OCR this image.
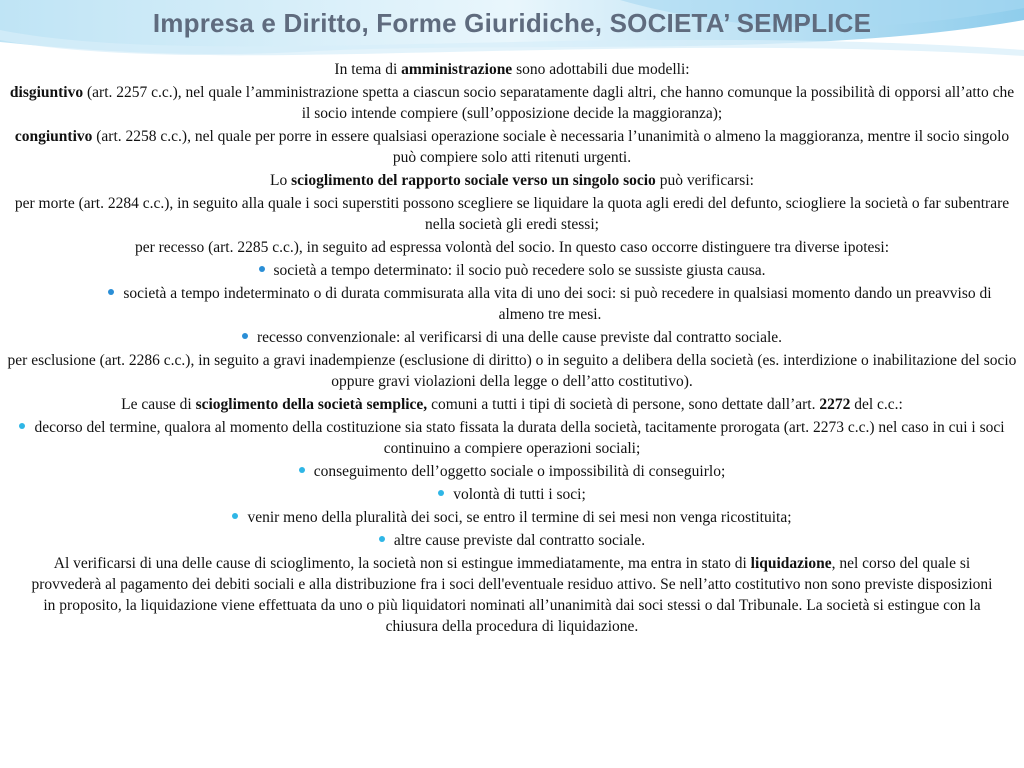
Impresa e Diritto, Forme Giuridiche, SOCIETA’ SEMPLICE

In tema di amministrazione sono adottabili due modelli:

disgiuntivo (art. 2257 c.c.), nel quale l’amministrazione spetta a ciascun socio separatamente dagli altri, che hanno comunque la possibilità di opporsi all’atto che il socio intende compiere (sull’opposizione decide la maggioranza);

congiuntivo (art. 2258 c.c.), nel quale per porre in essere qualsiasi operazione sociale è necessaria l’unanimità o almeno la maggioranza, mentre il socio singolo può compiere solo atti ritenuti urgenti.

Lo scioglimento del rapporto sociale verso un singolo socio può verificarsi:

per morte (art. 2284 c.c.), in seguito alla quale i soci superstiti possono scegliere se liquidare la quota agli eredi del defunto, sciogliere la società o far subentrare nella società gli eredi stessi;

per recesso (art. 2285 c.c.), in seguito ad espressa volontà del socio. In questo caso occorre distinguere tra diverse ipotesi:

società a tempo determinato: il socio può recedere solo se sussiste giusta causa.

società a tempo indeterminato o di durata commisurata alla vita di uno dei soci: si può recedere in qualsiasi momento dando un preavviso di almeno tre mesi.

recesso convenzionale: al verificarsi di una delle cause previste dal contratto sociale.

per esclusione (art. 2286 c.c.), in seguito a gravi inadempienze (esclusione di diritto) o in seguito a delibera della società (es. interdizione o inabilitazione del socio oppure gravi violazioni della legge o dell’atto costitutivo).

Le cause di scioglimento della società semplice, comuni a tutti i tipi di società di persone, sono dettate dall’art. 2272 del c.c.:

decorso del termine, qualora al momento della costituzione sia stato fissata la durata della società, tacitamente prorogata (art. 2273 c.c.) nel caso in cui i soci continuino a compiere operazioni sociali;

conseguimento dell’oggetto sociale o impossibilità di conseguirlo;

volontà di tutti i soci;

venir meno della pluralità dei soci, se entro il termine di sei mesi non venga ricostituita;

altre cause previste dal contratto sociale.

Al verificarsi di una delle cause di scioglimento, la società non si estingue immediatamente, ma entra in stato di liquidazione, nel corso del quale si provvederà al pagamento dei debiti sociali e alla distribuzione fra i soci dell'eventuale residuo attivo. Se nell’atto costitutivo non sono previste disposizioni in proposito, la liquidazione viene effettuata da uno o più liquidatori nominati all’unanimità dai soci stessi o dal Tribunale. La società si estingue con la chiusura della procedura di liquidazione.
